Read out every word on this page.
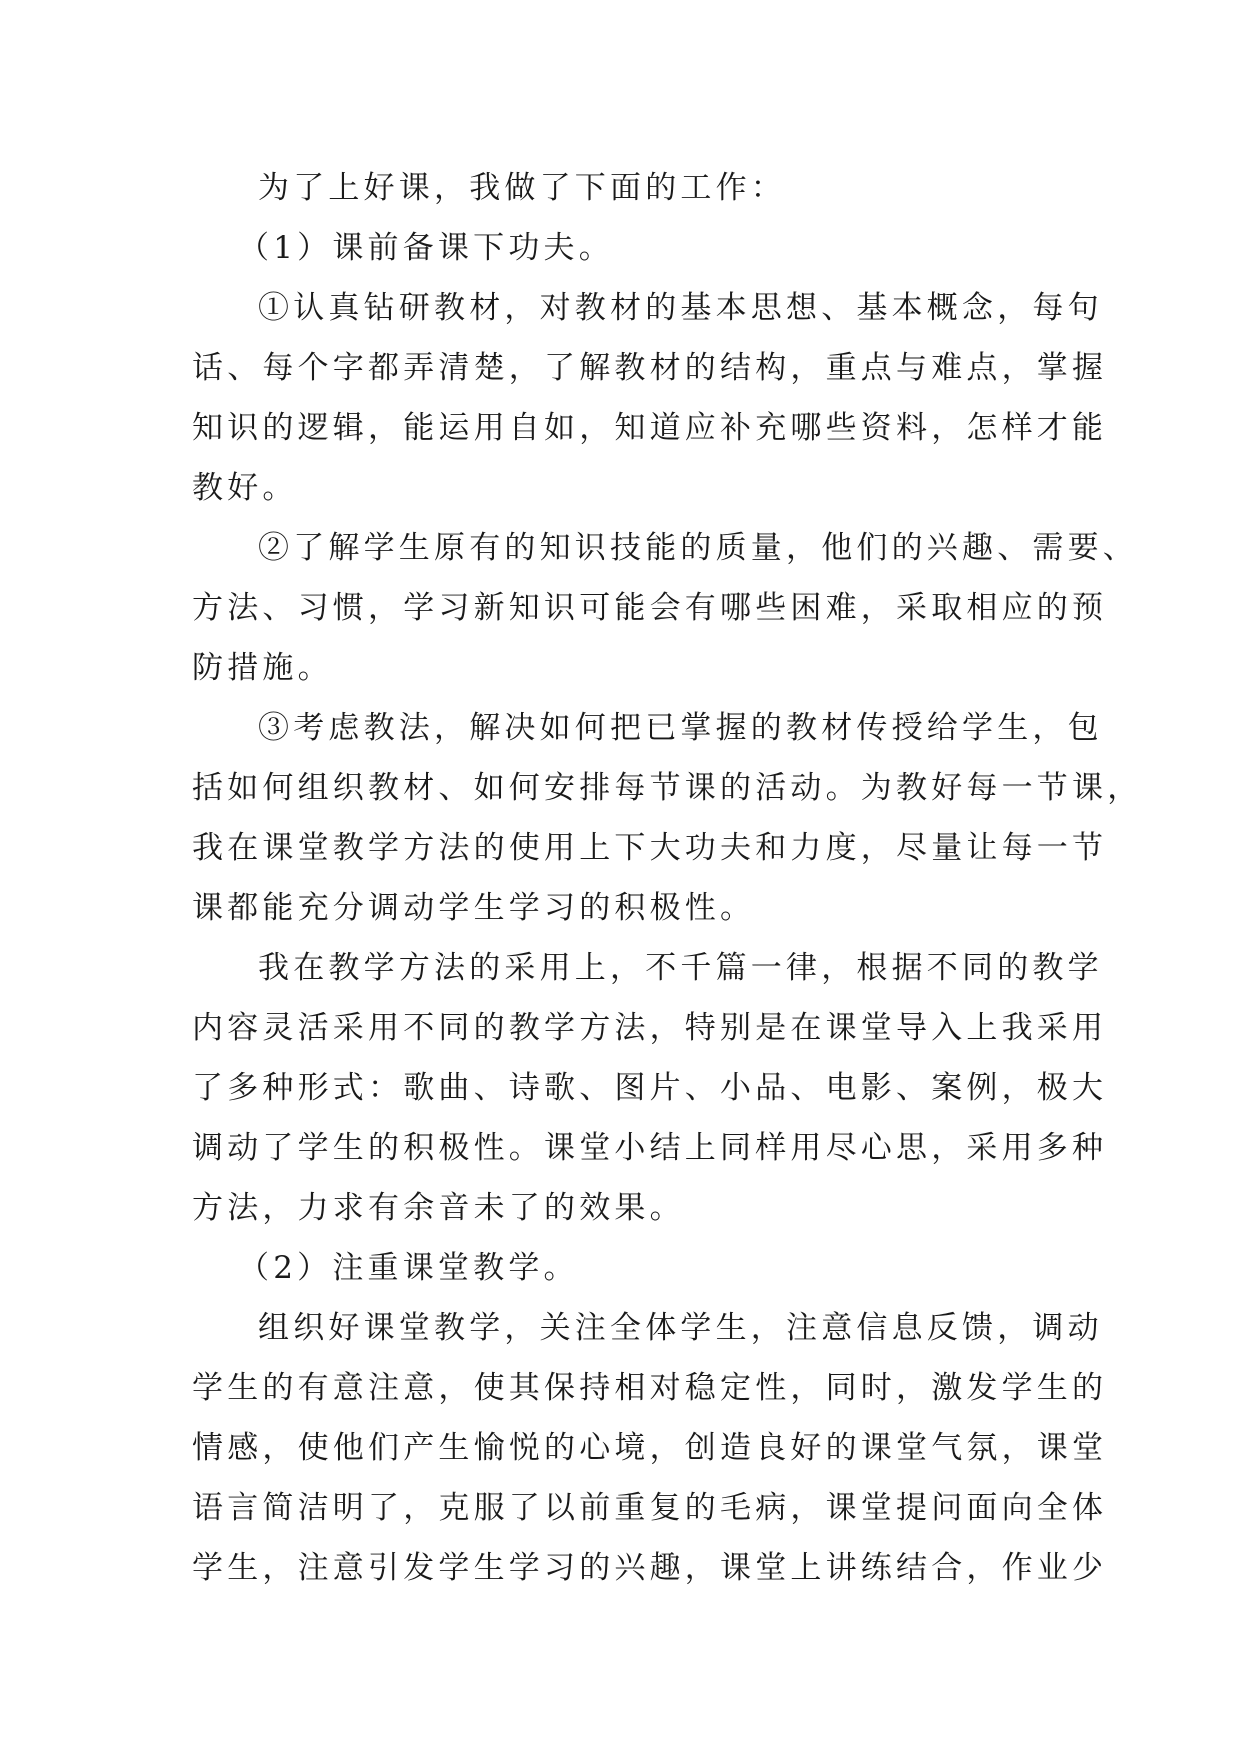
为了上好课，我做了下面的工作：
（1）课前备课下功夫。
①认真钻研教材，对教材的基本思想、基本概念，每句
话、每个字都弄清楚，了解教材的结构，重点与难点，掌握
知识的逻辑，能运用自如，知道应补充哪些资料，怎样才能
教好。
②了解学生原有的知识技能的质量，他们的兴趣、需要、
方法、习惯，学习新知识可能会有哪些困难，采取相应的预
防措施。
③考虑教法，解决如何把已掌握的教材传授给学生，包
括如何组织教材、如何安排每节课的活动。为教好每一节课，
我在课堂教学方法的使用上下大功夫和力度，尽量让每一节
课都能充分调动学生学习的积极性。
我在教学方法的采用上，不千篇一律，根据不同的教学
内容灵活采用不同的教学方法，特别是在课堂导入上我采用
了多种形式：歌曲、诗歌、图片、小品、电影、案例，极大
调动了学生的积极性。课堂小结上同样用尽心思，采用多种
方法，力求有余音未了的效果。
（2）注重课堂教学。
组织好课堂教学，关注全体学生，注意信息反馈，调动
学生的有意注意，使其保持相对稳定性，同时，激发学生的
情感，使他们产生愉悦的心境，创造良好的课堂气氛，课堂
语言简洁明了，克服了以前重复的毛病，课堂提问面向全体
学生，注意引发学生学习的兴趣，课堂上讲练结合，作业少
